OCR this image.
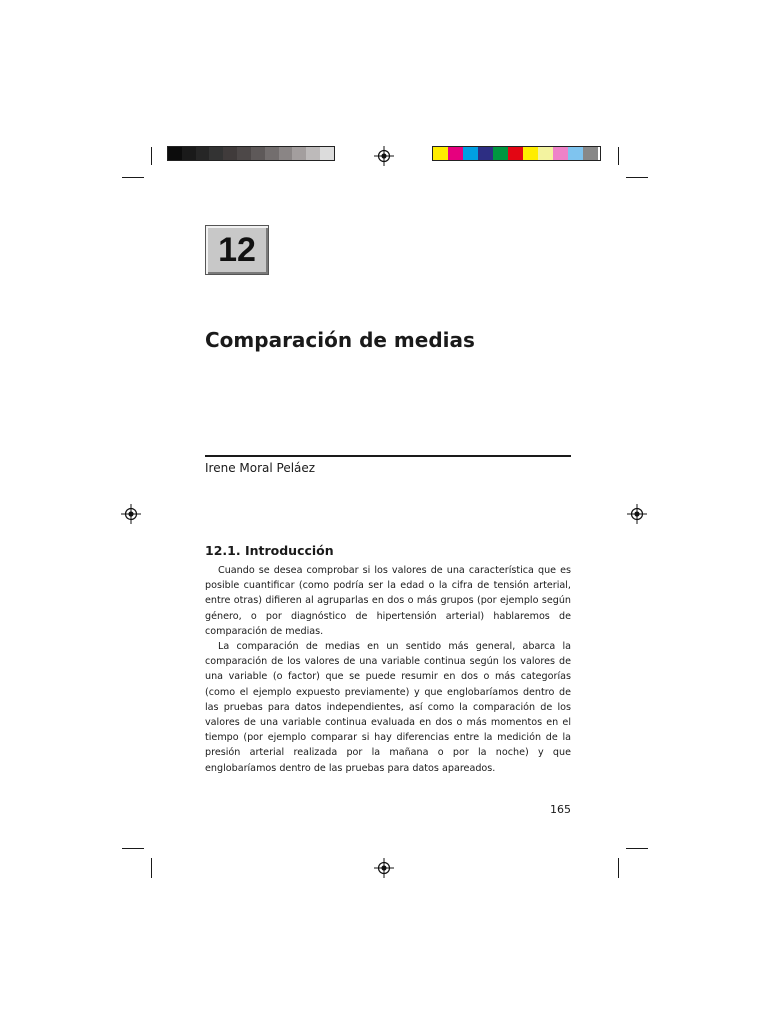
12
Comparación de medias

Irene Moral Peláez

12.1. Introducción

Cuando se desea comprobar si los valores de una característica que es posible cuantificar (como podría ser la edad o la cifra de tensión arterial, entre otras) difieren al agruparlas en dos o más grupos (por ejemplo según género, o por diagnóstico de hipertensión arterial) hablaremos de comparación de medias.

La comparación de medias en un sentido más general, abarca la comparación de los valores de una variable continua según los valores de una variable (o factor) que se puede resumir en dos o más categorías (como el ejemplo expuesto previamente) y que englobaríamos dentro de las pruebas para datos independientes, así como la comparación de los valores de una variable continua evaluada en dos o más momentos en el tiempo (por ejemplo comparar si hay diferencias entre la medición de la presión arterial realizada por la mañana o por la noche) y que englobaríamos dentro de las pruebas para datos apareados.

165
